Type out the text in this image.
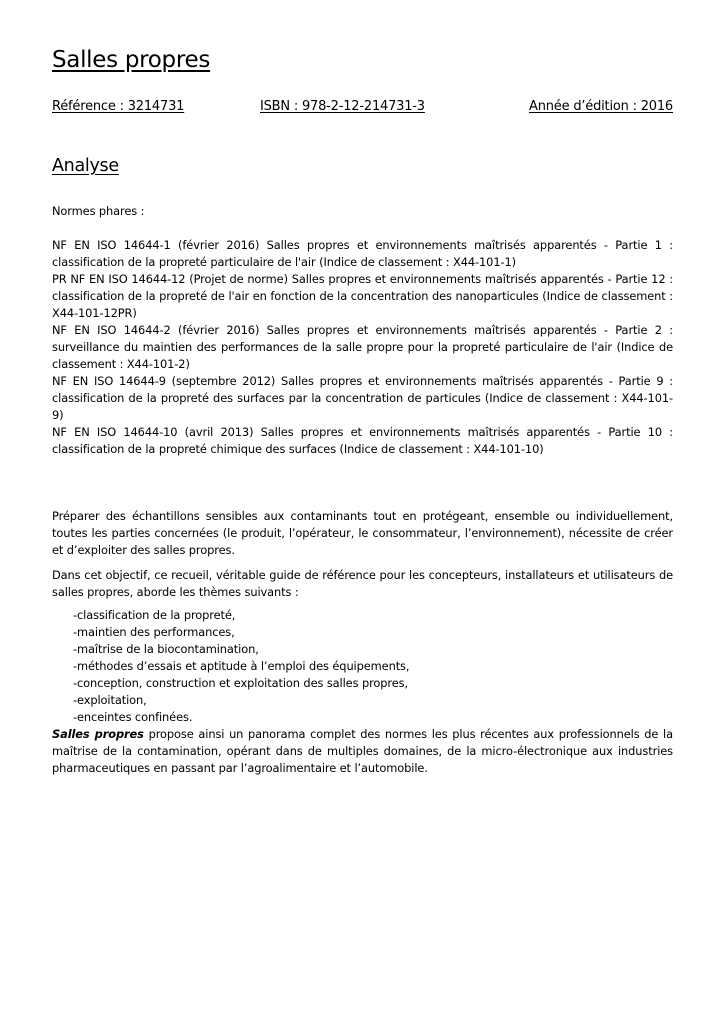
Salles propres
Référence : 3214731	ISBN : 978-2-12-214731-3	Année d’édition : 2016
Analyse

Normes phares :

NF EN ISO 14644-1 (février 2016) Salles propres et environnements maîtrisés apparentés - Partie 1 : classification de la propreté particulaire de l'air (Indice de classement : X44-101-1)

PR NF EN ISO 14644-12 (Projet de norme) Salles propres et environnements maîtrisés apparentés - Partie 12 : classification de la propreté de l'air en fonction de la concentration des nanoparticules (Indice de classement : X44-101-12PR)

NF EN ISO 14644-2 (février 2016) Salles propres et environnements maîtrisés apparentés - Partie 2 : surveillance du maintien des performances de la salle propre pour la propreté particulaire de l'air (Indice de classement : X44-101-2)

NF EN ISO 14644-9 (septembre 2012) Salles propres et environnements maîtrisés apparentés - Partie 9 : classification de la propreté des surfaces par la concentration de particules (Indice de classement : X44-101-9)

NF EN ISO 14644-10 (avril 2013) Salles propres et environnements maîtrisés apparentés - Partie 10 : classification de la propreté chimique des surfaces (Indice de classement : X44-101-10)

Préparer des échantillons sensibles aux contaminants tout en protégeant, ensemble ou individuellement, toutes les parties concernées (le produit, l’opérateur, le consommateur, l’environnement), nécessite de créer et d’exploiter des salles propres.

Dans cet objectif, ce recueil, véritable guide de référence pour les concepteurs, installateurs et utilisateurs de salles propres, aborde les thèmes suivants :

-classification de la propreté,
-maintien des performances,
-maîtrise de la biocontamination,
-méthodes d’essais et aptitude à l’emploi des équipements,
-conception, construction et exploitation des salles propres,
-exploitation,
-enceintes confinées.

Salles propres propose ainsi un panorama complet des normes les plus récentes aux professionnels de la maîtrise de la contamination, opérant dans de multiples domaines, de la micro-électronique aux industries pharmaceutiques en passant par l’agroalimentaire et l’automobile.
